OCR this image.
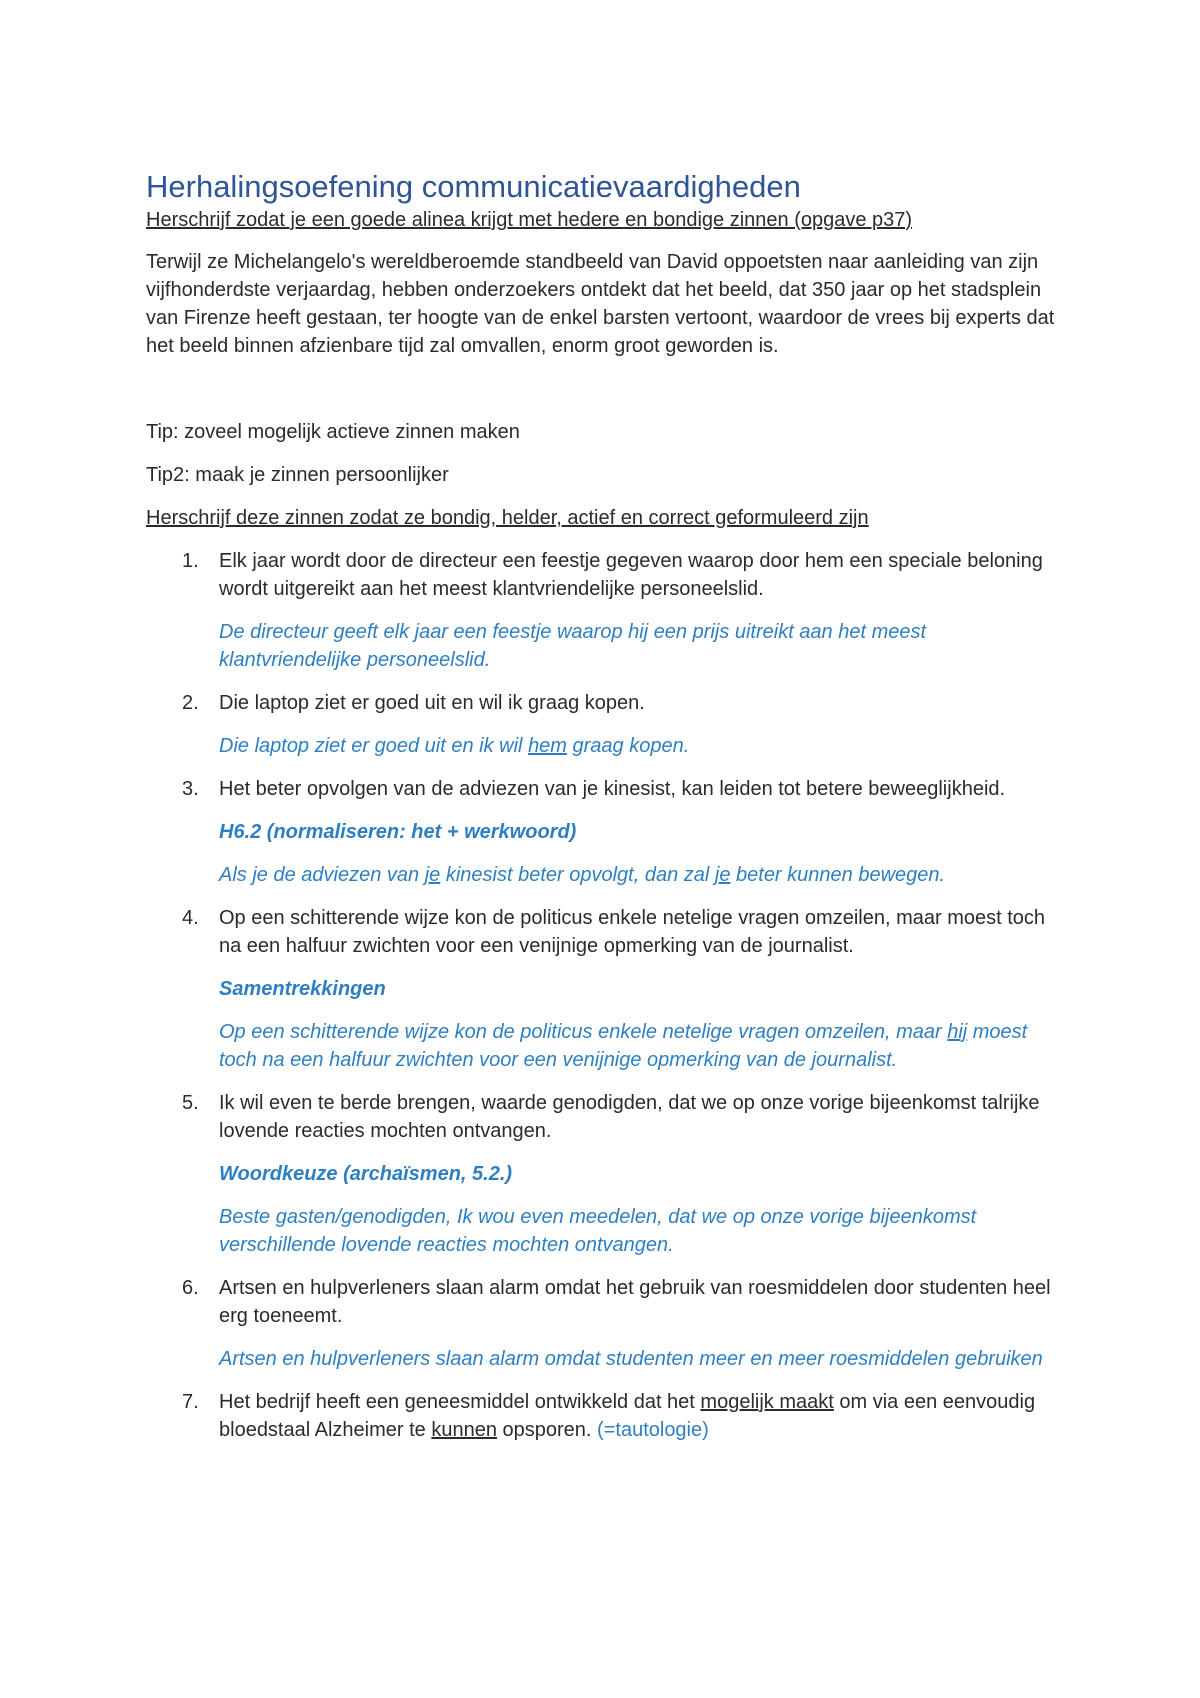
Herhalingsoefening communicatievaardigheden

Herschrijf zodat je een goede alinea krijgt met hedere en bondige zinnen (opgave p37)

Terwijl ze Michelangelo's wereldberoemde standbeeld van David oppoetsten naar aanleiding van zijn vijfhonderdste verjaardag, hebben onderzoekers ontdekt dat het beeld, dat 350 jaar op het stadsplein van Firenze heeft gestaan, ter hoogte van de enkel barsten vertoont, waardoor de vrees bij experts dat het beeld binnen afzienbare tijd zal omvallen, enorm groot geworden is.

Tip: zoveel mogelijk actieve zinnen maken

Tip2: maak je zinnen persoonlijker

Herschrijf deze zinnen zodat ze bondig, helder, actief en correct geformuleerd zijn

1. Elk jaar wordt door de directeur een feestje gegeven waarop door hem een speciale beloning wordt uitgereikt aan het meest klantvriendelijke personeelslid.

De directeur geeft elk jaar een feestje waarop hij een prijs uitreikt aan het meest klantvriendelijke personeelslid.

2. Die laptop ziet er goed uit en wil ik graag kopen.

Die laptop ziet er goed uit en ik wil hem graag kopen.

3. Het beter opvolgen van de adviezen van je kinesist, kan leiden tot betere beweeglijkheid.

H6.2 (normaliseren: het + werkwoord)

Als je de adviezen van je kinesist beter opvolgt, dan zal je beter kunnen bewegen.

4. Op een schitterende wijze kon de politicus enkele netelige vragen omzeilen, maar moest toch na een halfuur zwichten voor een venijnige opmerking van de journalist.

Samentrekkingen

Op een schitterende wijze kon de politicus enkele netelige vragen omzeilen, maar hij moest toch na een halfuur zwichten voor een venijnige opmerking van de journalist.

5. Ik wil even te berde brengen, waarde genodigden, dat we op onze vorige bijeenkomst talrijke lovende reacties mochten ontvangen.

Woordkeuze (archaïsmen, 5.2.)

Beste gasten/genodigden, Ik wou even meedelen, dat we op onze vorige bijeenkomst verschillende lovende reacties mochten ontvangen.

6. Artsen en hulpverleners slaan alarm omdat het gebruik van roesmiddelen door studenten heel erg toeneemt.

Artsen en hulpverleners slaan alarm omdat studenten meer en meer roesmiddelen gebruiken

7. Het bedrijf heeft een geneesmiddel ontwikkeld dat het mogelijk maakt om via een eenvoudig bloedstaal Alzheimer te kunnen opsporen. (=tautologie)
